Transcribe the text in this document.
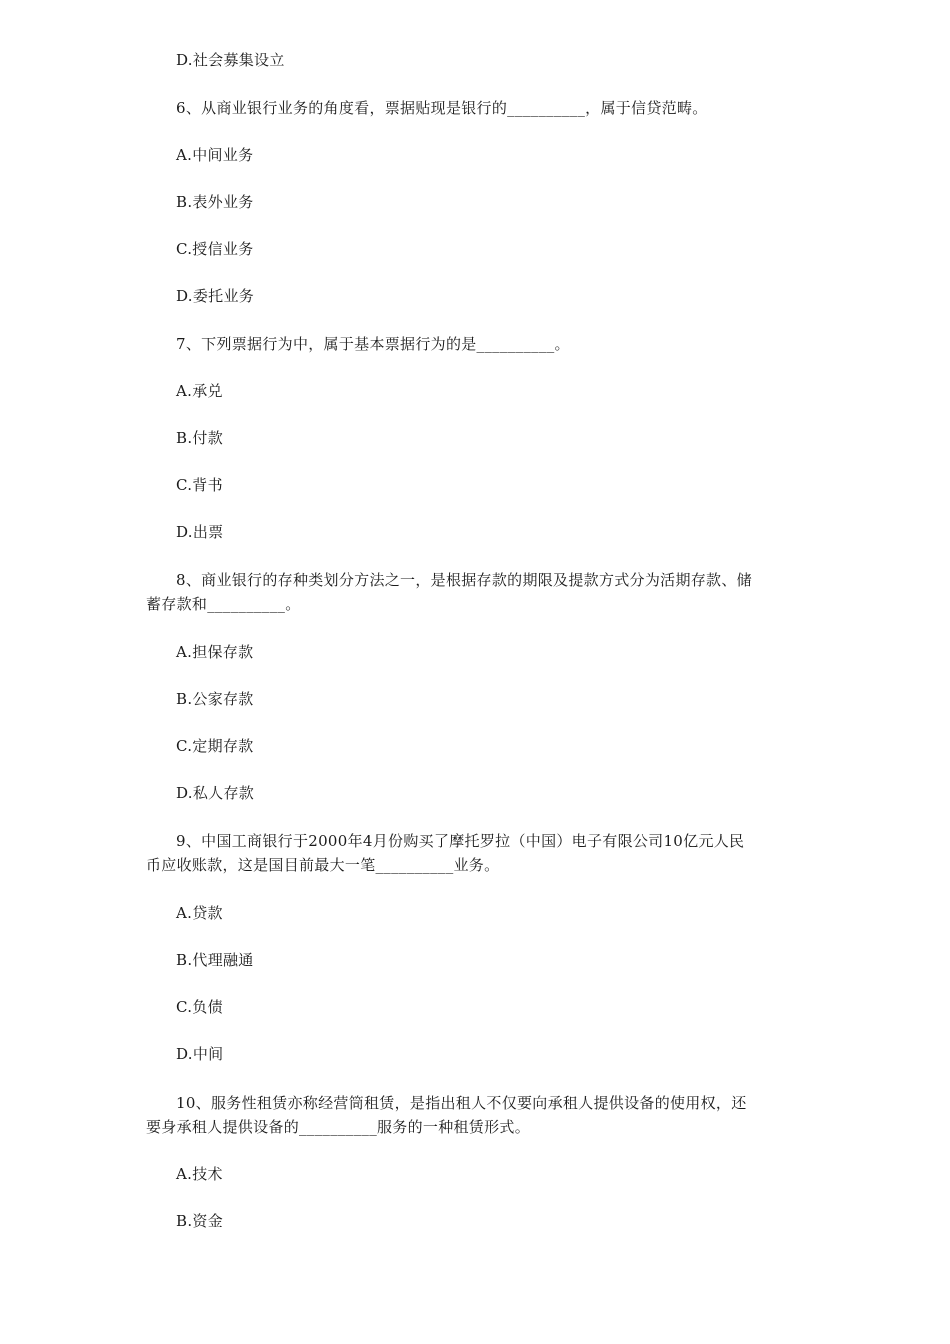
D.社会募集设立
6、从商业银行业务的角度看，票据贴现是银行的__________，属于信贷范畴。
A.中间业务
B.表外业务
C.授信业务
D.委托业务
7、下列票据行为中，属于基本票据行为的是__________。
A.承兑
B.付款
C.背书
D.出票
8、商业银行的存种类划分方法之一，是根据存款的期限及提款方式分为活期存款、储
蓄存款和__________。
A.担保存款
B.公家存款
C.定期存款
D.私人存款
9、中国工商银行于2000年4月份购买了摩托罗拉（中国）电子有限公司10亿元人民
币应收账款，这是国目前最大一笔__________业务。
A.贷款
B.代理融通
C.负债
D.中间
10、服务性租赁亦称经营筒租赁，是指出租人不仅要向承租人提供设备的使用权，还
要身承租人提供设备的__________服务的一种租赁形式。
A.技术
B.资金
